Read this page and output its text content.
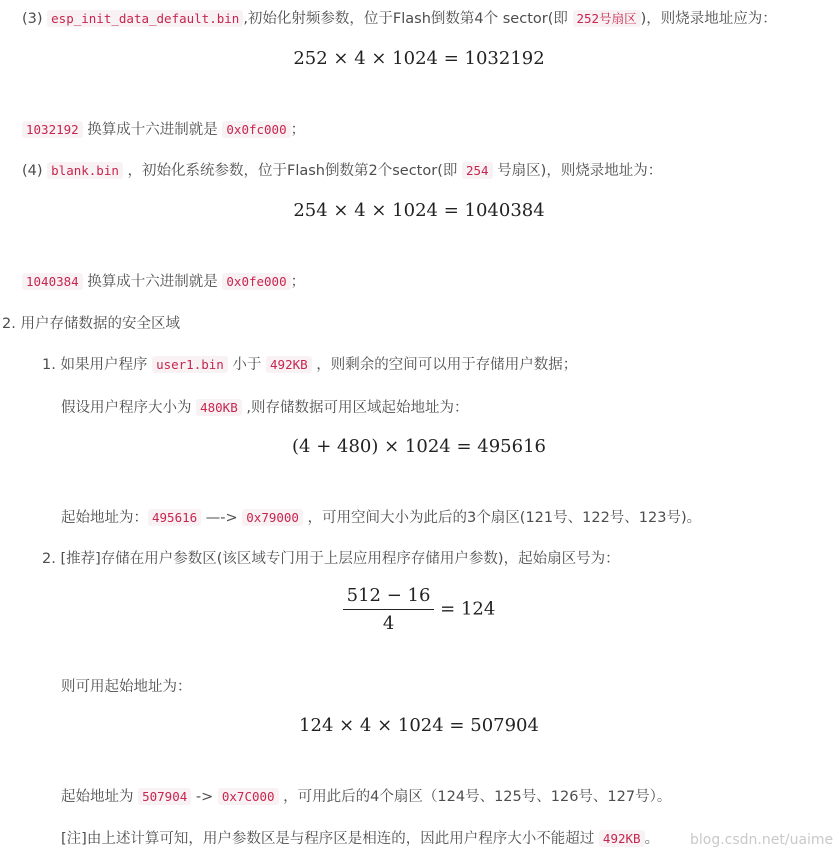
(3) esp_init_data_default.bin ,初始化射频参数，位于Flash倒数第4个 sector(即 252号扇区 )，则烧录地址应为：
252 × 4 × 1024 = 1032192
1032192 换算成十六进制就是 0x0fc000 ；
(4) blank.bin ，初始化系统参数，位于Flash倒数第2个sector(即 254 号扇区)，则烧录地址为：
254 × 4 × 1024 = 1040384
1040384 换算成十六进制就是 0x0fe000 ；
2. 用户存储数据的安全区域
1. 如果用户程序 user1.bin 小于 492KB ，则剩余的空间可以用于存储用户数据；
假设用户程序大小为 480KB ,则存储数据可用区域起始地址为：
(4 + 480) × 1024 = 495616
起始地址为： 495616 —-> 0x79000 ，可用空间大小为此后的3个扇区(121号、122号、123号)。
2. [推荐]存储在用户参数区(该区域专门用于上层应用程序存储用户参数)，起始扇区号为：
$\frac{512 - 16}{4} = 124$
则可用起始地址为：
124 × 4 × 1024 = 507904
起始地址为 507904 -> 0x7C000 ，可用此后的4个扇区（124号、125号、126号、127号）。
[注]由上述计算可知，用户参数区是与程序区是相连的，因此用户程序大小不能超过 492KB 。 blog.csdn.net/uaime
